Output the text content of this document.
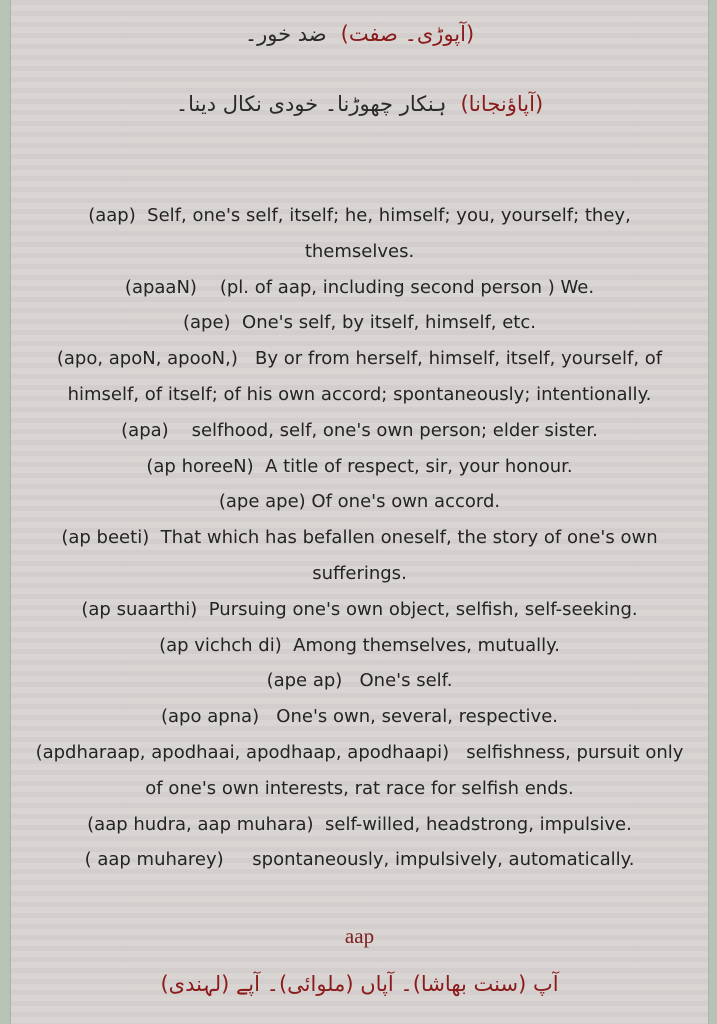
(آپوڑی۔ صفت)ضد خور۔
(آپاؤنجانا)ہنکار چھوڑنا۔ خودی نکال دینا۔

(aap) Self, one's self, itself; he, himself; you, yourself; they, themselves.

(apaaN) (pl. of aap, including second person ) We.

(ape) One's self, by itself, himself, etc.

(apo, apoN, apooN,) By or from herself, himself, itself, yourself, of himself, of itself; of his own accord; spontaneously; intentionally.

(apa) selfhood, self, one's own person; elder sister.

(ap horeeN) A title of respect, sir, your honour.

(ape ape) Of one's own accord.

(ap beeti) That which has befallen oneself, the story of one's own sufferings.

(ap suaarthi) Pursuing one's own object, selfish, self-seeking.

(ap vichch di) Among themselves, mutually.

(ape ap) One's self.

(apo apna) One's own, several, respective.

(apdharaap, apodhaai, apodhaap, apodhaapi) selfishness, pursuit only of one's own interests, rat race for selfish ends.

(aap hudra, aap muhara) self-willed, headstrong, impulsive.

( aap muharey) spontaneously, impulsively, automatically.

aap
آپ (سنت بھاشا)۔ آپاں (ملوائی)۔ آپے (لہندی)
